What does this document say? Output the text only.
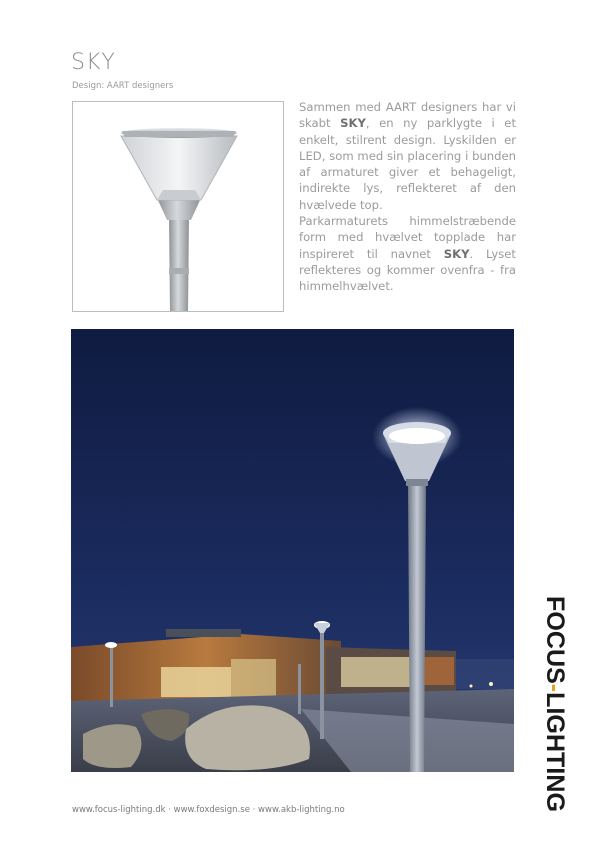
SKY
Design: AART designers

Sammen med AART designers har vi skabt SKY, en ny parklygte i et enkelt, stilrent design. Lyskilden er LED, som med sin placering i bunden af armaturet giver et behageligt, indirekte lys, reflekteret af den hvælvede top.

Parkarmaturets himmelstræbende form med hvælvet topplade har inspireret til navnet SKY. Lyset reflekteres og kommer ovenfra - fra himmelhvælvet.

FOCUS-LIGHTING
www.focus-lighting.dk · www.foxdesign.se · www.akb-lighting.no
